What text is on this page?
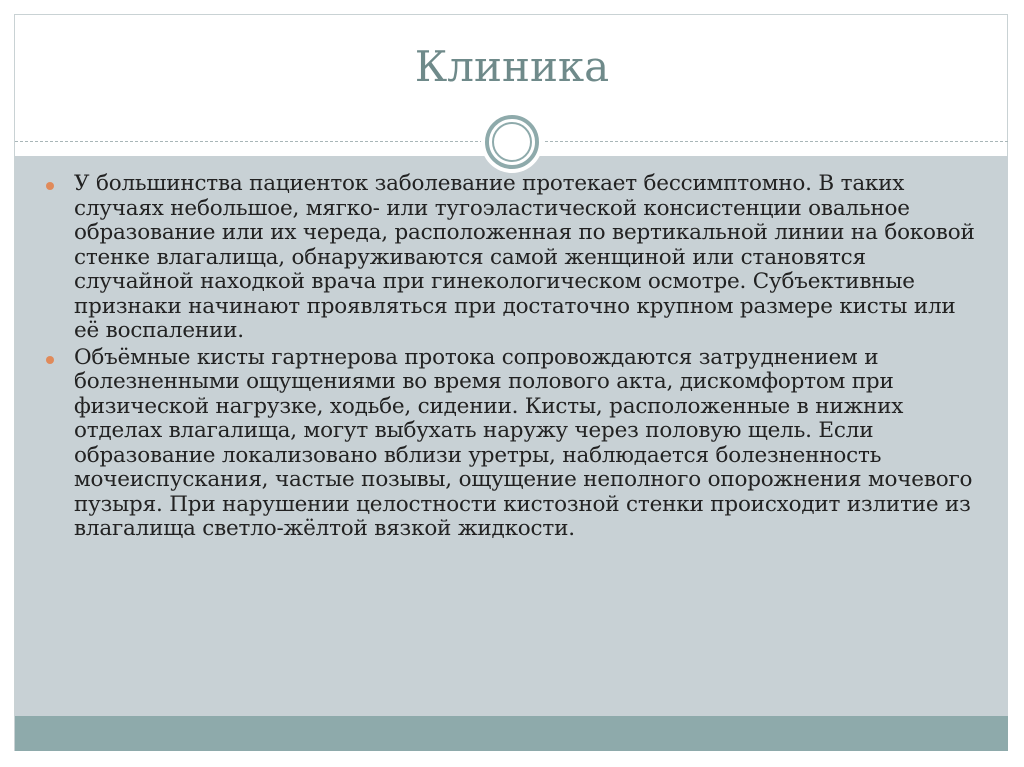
Клиника
У большинства пациенток заболевание протекает бессимптомно. В таких случаях небольшое, мягко- или тугоэластической консистенции овальное образование или их череда, расположенная по вертикальной линии на боковой стенке влагалища, обнаруживаются самой женщиной или становятся случайной находкой врача при гинекологическом осмотре. Субъективные признаки начинают проявляться при достаточно крупном размере кисты или её воспалении.
Объёмные кисты гартнерова протока сопровождаются затруднением и болезненными ощущениями во время полового акта, дискомфортом при физической нагрузке, ходьбе, сидении. Кисты, расположенные в нижних отделах влагалища, могут выбухать наружу через половую щель. Если образование локализовано вблизи уретры, наблюдается болезненность мочеиспускания, частые позывы, ощущение неполного опорожнения мочевого пузыря. При нарушении целостности кистозной стенки происходит излитие из влагалища светло-жёлтой вязкой жидкости.
